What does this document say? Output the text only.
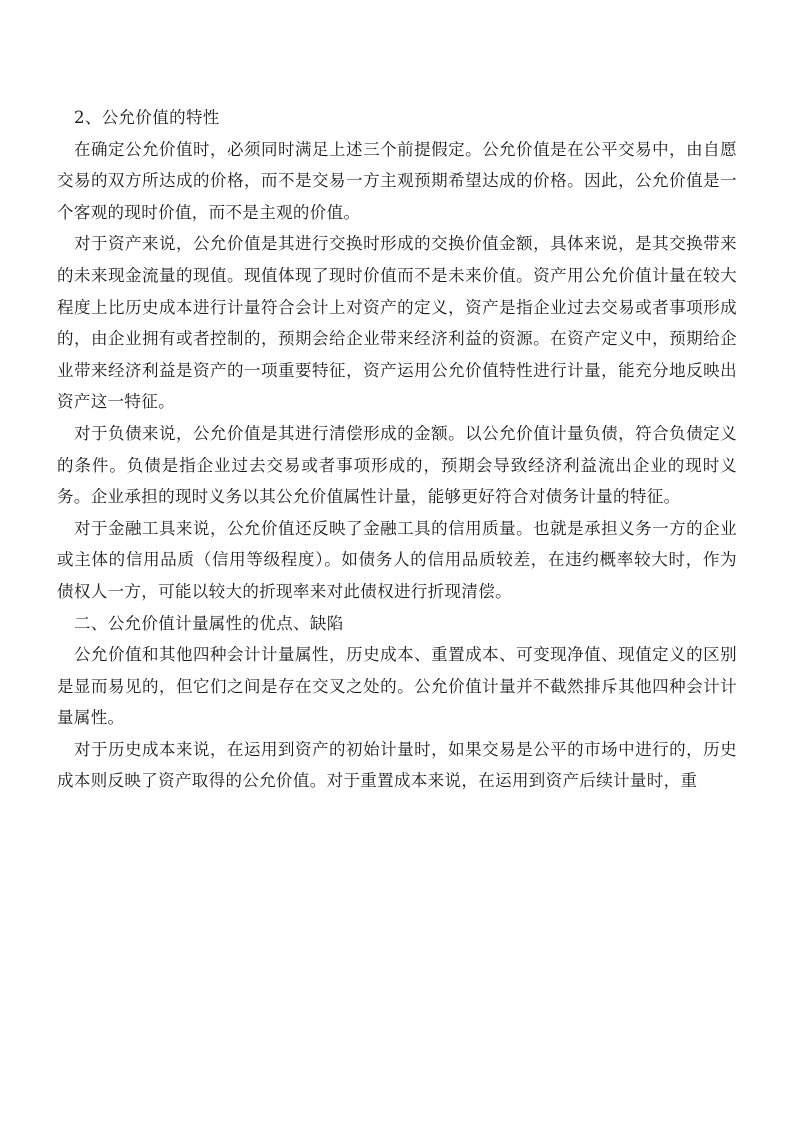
2、公允价值的特性

在确定公允价值时，必须同时满足上述三个前提假定。公允价值是在公平交易中，由自愿交易的双方所达成的价格，而不是交易一方主观预期希望达成的价格。因此，公允价值是一个客观的现时价值，而不是主观的价值。

对于资产来说，公允价值是其进行交换时形成的交换价值金额，具体来说，是其交换带来的未来现金流量的现值。现值体现了现时价值而不是未来价值。资产用公允价值计量在较大程度上比历史成本进行计量符合会计上对资产的定义，资产是指企业过去交易或者事项形成的，由企业拥有或者控制的，预期会给企业带来经济利益的资源。在资产定义中，预期给企业带来经济利益是资产的一项重要特征，资产运用公允价值特性进行计量，能充分地反映出资产这一特征。

对于负债来说，公允价值是其进行清偿形成的金额。以公允价值计量负债，符合负债定义的条件。负债是指企业过去交易或者事项形成的，预期会导致经济利益流出企业的现时义务。企业承担的现时义务以其公允价值属性计量，能够更好符合对债务计量的特征。

对于金融工具来说，公允价值还反映了金融工具的信用质量。也就是承担义务一方的企业或主体的信用品质（信用等级程度）。如债务人的信用品质较差，在违约概率较大时，作为债权人一方，可能以较大的折现率来对此债权进行折现清偿。

二、公允价值计量属性的优点、缺陷

公允价值和其他四种会计计量属性，历史成本、重置成本、可变现净值、现值定义的区别是显而易见的，但它们之间是存在交叉之处的。公允价值计量并不截然排斥其他四种会计计量属性。

对于历史成本来说，在运用到资产的初始计量时，如果交易是公平的市场中进行的，历史成本则反映了资产取得的公允价值。对于重置成本来说，在运用到资产后续计量时，重
